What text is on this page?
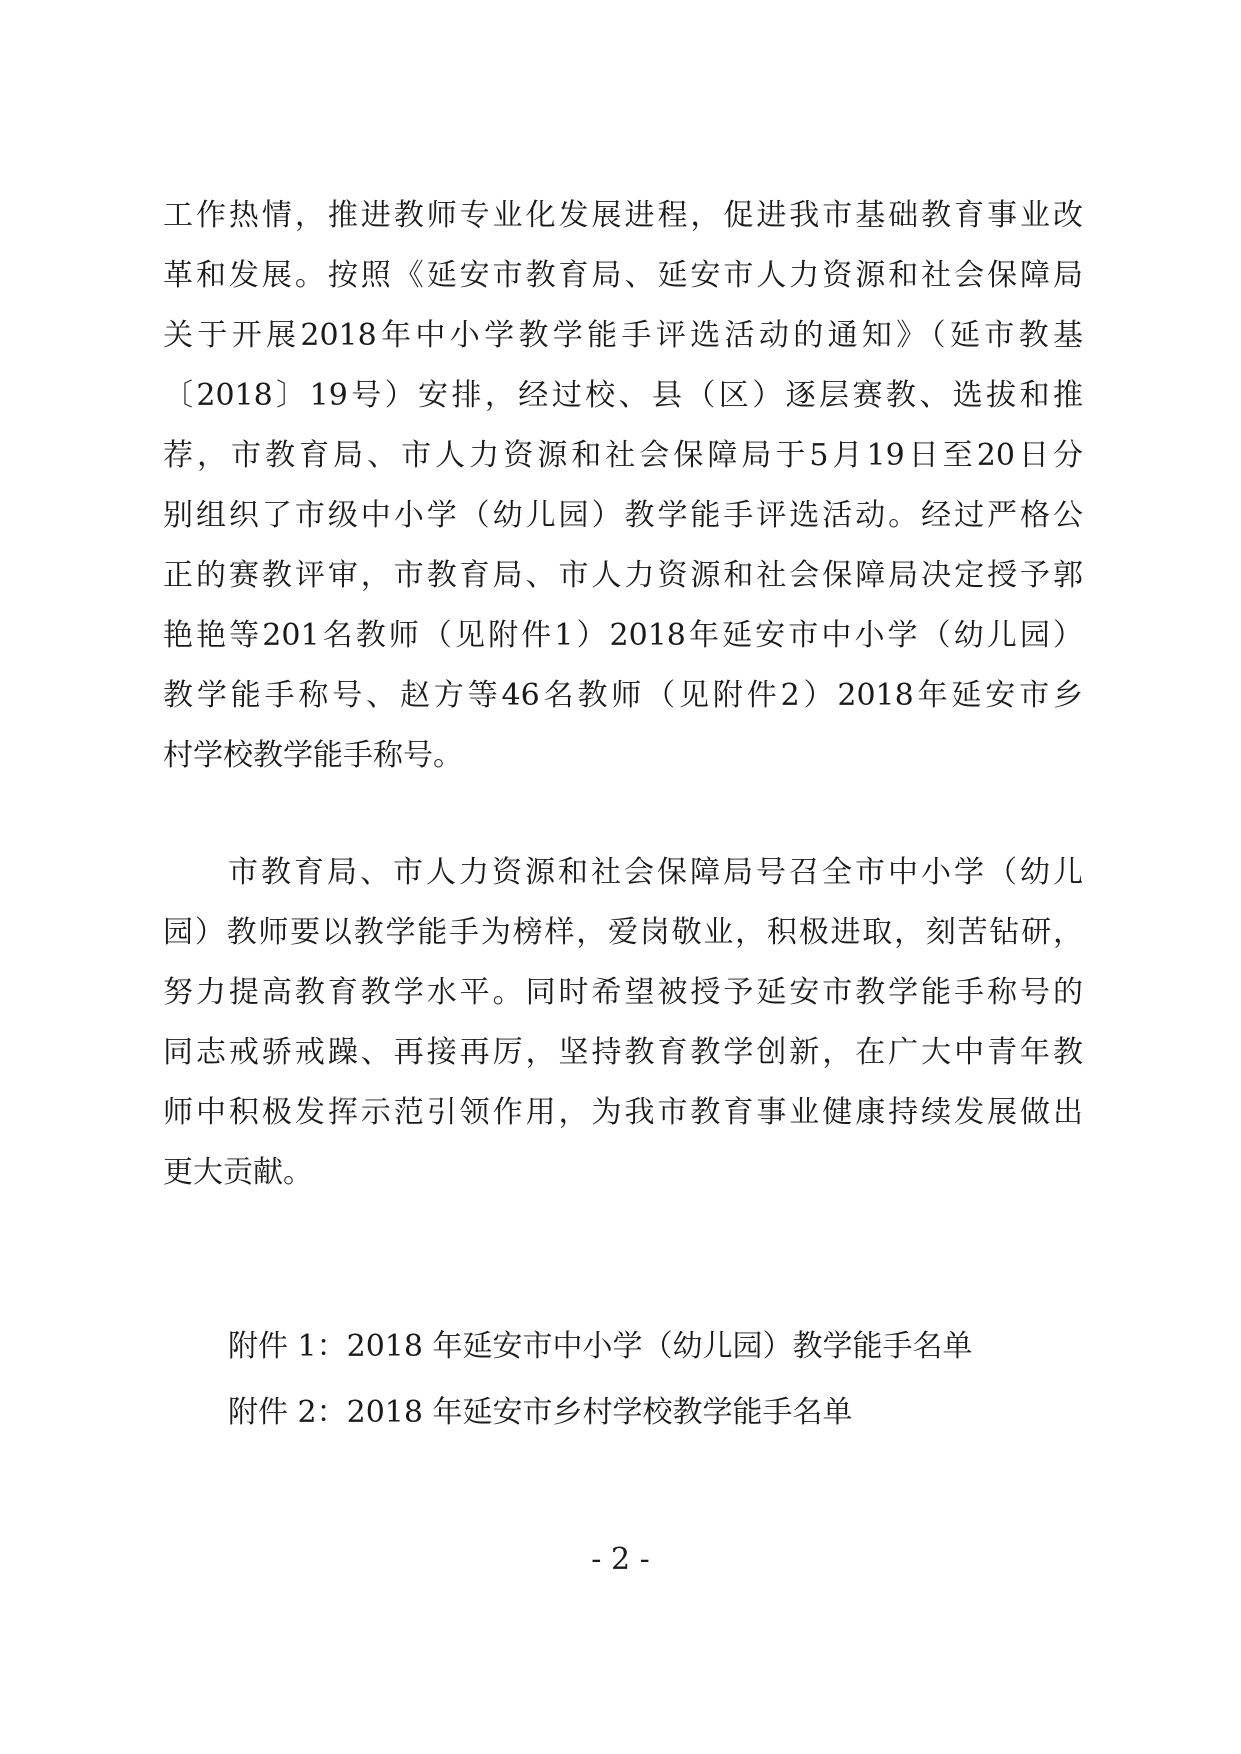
工作热情，推进教师专业化发展进程，促进我市基础教育事业改
革和发展。按照《延安市教育局、延安市人力资源和社会保障局
关于开展2018年中小学教学能手评选活动的通知》（延市教基
〔2018〕19号）安排，经过校、县（区）逐层赛教、选拔和推
荐，市教育局、市人力资源和社会保障局于5月19日至20日分
别组织了市级中小学（幼儿园）教学能手评选活动。经过严格公
正的赛教评审，市教育局、市人力资源和社会保障局决定授予郭
艳艳等201名教师（见附件1）2018年延安市中小学（幼儿园）
教学能手称号、赵方等46名教师（见附件2）2018年延安市乡
村学校教学能手称号。
市教育局、市人力资源和社会保障局号召全市中小学（幼儿
园）教师要以教学能手为榜样，爱岗敬业，积极进取，刻苦钻研，
努力提高教育教学水平。同时希望被授予延安市教学能手称号的
同志戒骄戒躁、再接再厉，坚持教育教学创新，在广大中青年教
师中积极发挥示范引领作用，为我市教育事业健康持续发展做出
更大贡献。
附件 1：2018 年延安市中小学（幼儿园）教学能手名单
附件 2：2018 年延安市乡村学校教学能手名单
- 2 -
